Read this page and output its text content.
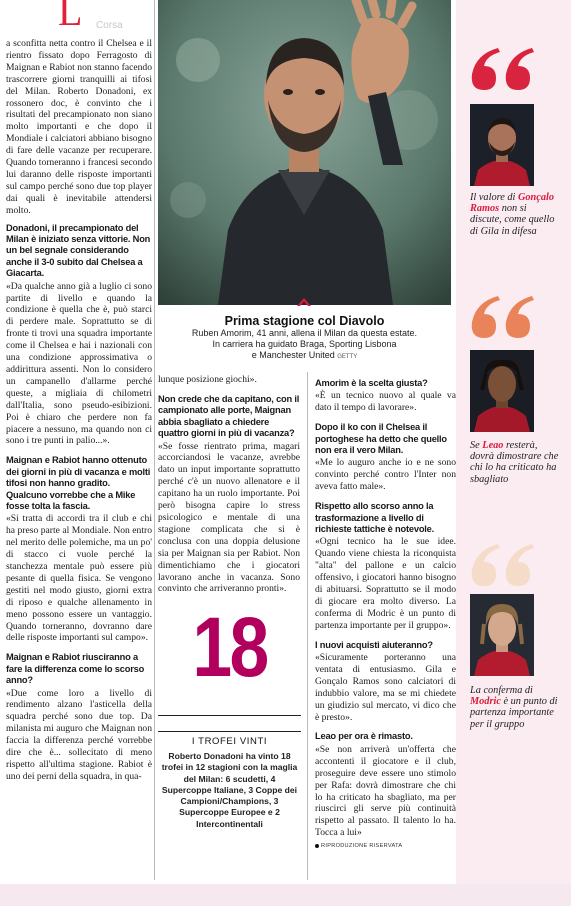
L Corsa

a sconfitta netta contro il Chelsea e il rientro fissato dopo Ferragosto di Maignan e Rabiot non stanno facendo trascorrere giorni tranquilli ai tifosi del Milan. Roberto Donadoni, ex rossonero doc, è convinto che i risultati del precampionato non siano molto importanti e che dopo il Mondiale i calciatori abbiano bisogno di fare delle vacanze per recuperare. Quando torneranno i francesi secondo lui daranno delle risposte importanti sul campo perché sono due top player dai quali è inevitabile attendersi molto.

Donadoni, il precampionato del Milan è iniziato senza vittorie. Non un bel segnale considerando anche il 3-0 subito dal Chelsea a Giacarta.

«Da qualche anno già a luglio ci sono partite di livello e quando la condizione è quella che è, può starci di perdere male. Soprattutto se di fronte ti trovi una squadra importante come il Chelsea e hai i nazionali con una condizione approssimativa o addirittura assenti. Non lo considero un campanello d'allarme perché queste, a migliaia di chilometri dall'Italia, sono pseudo-esibizioni. Poi è chiaro che perdere non fa piacere a nessuno, ma quando non ci sono i tre punti in palio...».

Maignan e Rabiot hanno ottenuto dei giorni in più di vacanza e molti tifosi non hanno gradito. Qualcuno vorrebbe che a Mike fosse tolta la fascia.

«Si tratta di accordi tra il club e chi ha preso parte al Mondiale. Non entro nel merito delle polemiche, ma un po' di stacco ci vuole perché la stanchezza mentale può essere più pesante di quella fisica. Se vengono gestiti nel modo giusto, giorni extra di riposo e qualche allenamento in meno possono essere un vantaggio. Quando torneranno, dovranno dare delle risposte importanti sul campo».

Maignan e Rabiot riusciranno a fare la differenza come lo scorso anno?

«Due come loro a livello di rendimento alzano l'asticella della squadra perché sono due top. Da milanista mi auguro che Maignan non faccia la differenza perché vorrebbe dire che è... sollecitato di meno rispetto all'ultima stagione. Rabiot è uno dei perni della squadra, in qua-

Prima stagione col Diavolo
Ruben Amorim, 41 anni, allena il Milan da questa estate.
In carriera ha guidato Braga, Sporting Lisbona
e Manchester United GETTY

lunque posizione giochi».

Non crede che da capitano, con il campionato alle porte, Maignan abbia sbagliato a chiedere quattro giorni in più di vacanza?

«Se fosse rientrato prima, magari accorciandosi le vacanze, avrebbe dato un input importante soprattutto perché c'è un nuovo allenatore e il capitano ha un ruolo importante. Poi però bisogna capire lo stress psicologico e mentale di una stagione complicata che si è conclusa con una doppia delusione sia per Maignan sia per Rabiot. Non dimentichiamo che i giocatori lavorano anche in vacanza. Sono convinto che arriveranno pronti».

18
I TROFEI VINTI
Roberto Donadoni ha vinto 18 trofei in 12 stagioni con la maglia del Milan: 6 scudetti, 4 Supercoppe Italiane, 3 Coppe dei Campioni/Champions, 3 Supercoppe Europee e 2 Intercontinentali
Amorim è la scelta giusta?

«È un tecnico nuovo al quale va dato il tempo di lavorare».

Dopo il ko con il Chelsea il portoghese ha detto che quello non era il vero Milan.

«Me lo auguro anche io e ne sono convinto perché contro l'Inter non aveva fatto male».

Rispetto allo scorso anno la trasformazione a livello di richieste tattiche è notevole.

«Ogni tecnico ha le sue idee. Quando viene chiesta la riconquista "alta" del pallone e un calcio offensivo, i giocatori hanno bisogno di abituarsi. Soprattutto se il modo di giocare era molto diverso. La conferma di Modric è un punto di partenza importante per il gruppo».

I nuovi acquisti aiuteranno?

«Sicuramente porteranno una ventata di entusiasmo. Gila e Gonçalo Ramos sono calciatori di indubbio valore, ma se mi chiedete un giudizio sul mercato, vi dico che è presto».

Leao per ora è rimasto.

«Se non arriverà un'offerta che accontenti il giocatore e il club, proseguire deve essere uno stimolo per Rafa: dovrà dimostrare che chi lo ha criticato ha sbagliato, ma per riuscirci gli serve più continuità rispetto al passato. Il talento lo ha. Tocca a lui»

RIPRODUZIONE RISERVATA
Il valore di Gonçalo Ramos non si discute, come quello di Gila in difesa
Se Leao resterà, dovrà dimostrare che chi lo ha criticato ha sbagliato
La conferma di Modric è un punto di partenza importante per il gruppo
